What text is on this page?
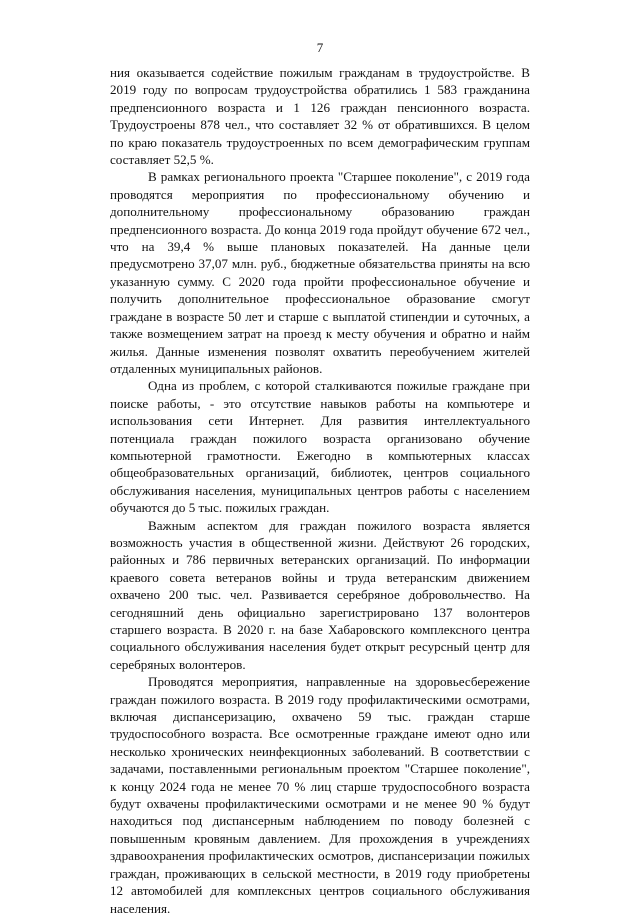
7

ния оказывается содействие пожилым гражданам в трудоустройстве. В 2019 году по вопросам трудоустройства обратились 1 583 гражданина предпенсионного возраста и 1 126 граждан пенсионного возраста. Трудоустроены 878 чел., что составляет 32 % от обратившихся. В целом по краю показатель трудоустроенных по всем демографическим группам составляет 52,5 %.

В рамках регионального проекта "Старшее поколение", с 2019 года проводятся мероприятия по профессиональному обучению и дополнительному профессиональному образованию граждан предпенсионного возраста. До конца 2019 года пройдут обучение 672 чел., что на 39,4 % выше плановых показателей. На данные цели предусмотрено 37,07 млн. руб., бюджетные обязательства приняты на всю указанную сумму. С 2020 года пройти профессиональное обучение и получить дополнительное профессиональное образование смогут граждане в возрасте 50 лет и старше с выплатой стипендии и суточных, а также возмещением затрат на проезд к месту обучения и обратно и найм жилья. Данные изменения позволят охватить переобучением жителей отдаленных муниципальных районов.

Одна из проблем, с которой сталкиваются пожилые граждане при поиске работы, - это отсутствие навыков работы на компьютере и использования сети Интернет. Для развития интеллектуального потенциала граждан пожилого возраста организовано обучение компьютерной грамотности. Ежегодно в компьютерных классах общеобразовательных организаций, библиотек, центров социального обслуживания населения, муниципальных центров работы с населением обучаются до 5 тыс. пожилых граждан.

Важным аспектом для граждан пожилого возраста является возможность участия в общественной жизни. Действуют 26 городских, районных и 786 первичных ветеранских организаций. По информации краевого совета ветеранов войны и труда ветеранским движением охвачено 200 тыс. чел. Развивается серебряное добровольчество. На сегодняшний день официально зарегистрировано 137 волонтеров старшего возраста. В 2020 г. на базе Хабаровского комплексного центра социального обслуживания населения будет открыт ресурсный центр для серебряных волонтеров.

Проводятся мероприятия, направленные на здоровьесбережение граждан пожилого возраста. В 2019 году профилактическими осмотрами, включая диспансеризацию, охвачено 59 тыс. граждан старше трудоспособного возраста. Все осмотренные граждане имеют одно или несколько хронических неинфекционных заболеваний. В соответствии с задачами, поставленными региональным проектом "Старшее поколение", к концу 2024 года не менее 70 % лиц старше трудоспособного возраста будут охвачены профилактическими осмотрами и не менее 90 % будут находиться под диспансерным наблюдением по поводу болезней с повышенным кровяным давлением. Для прохождения в учреждениях здравоохранения профилактических осмотров, диспансеризации пожилых граждан, проживающих в сельской местности, в 2019 году приобретены 12 автомобилей для комплексных центров социального обслуживания населения.
